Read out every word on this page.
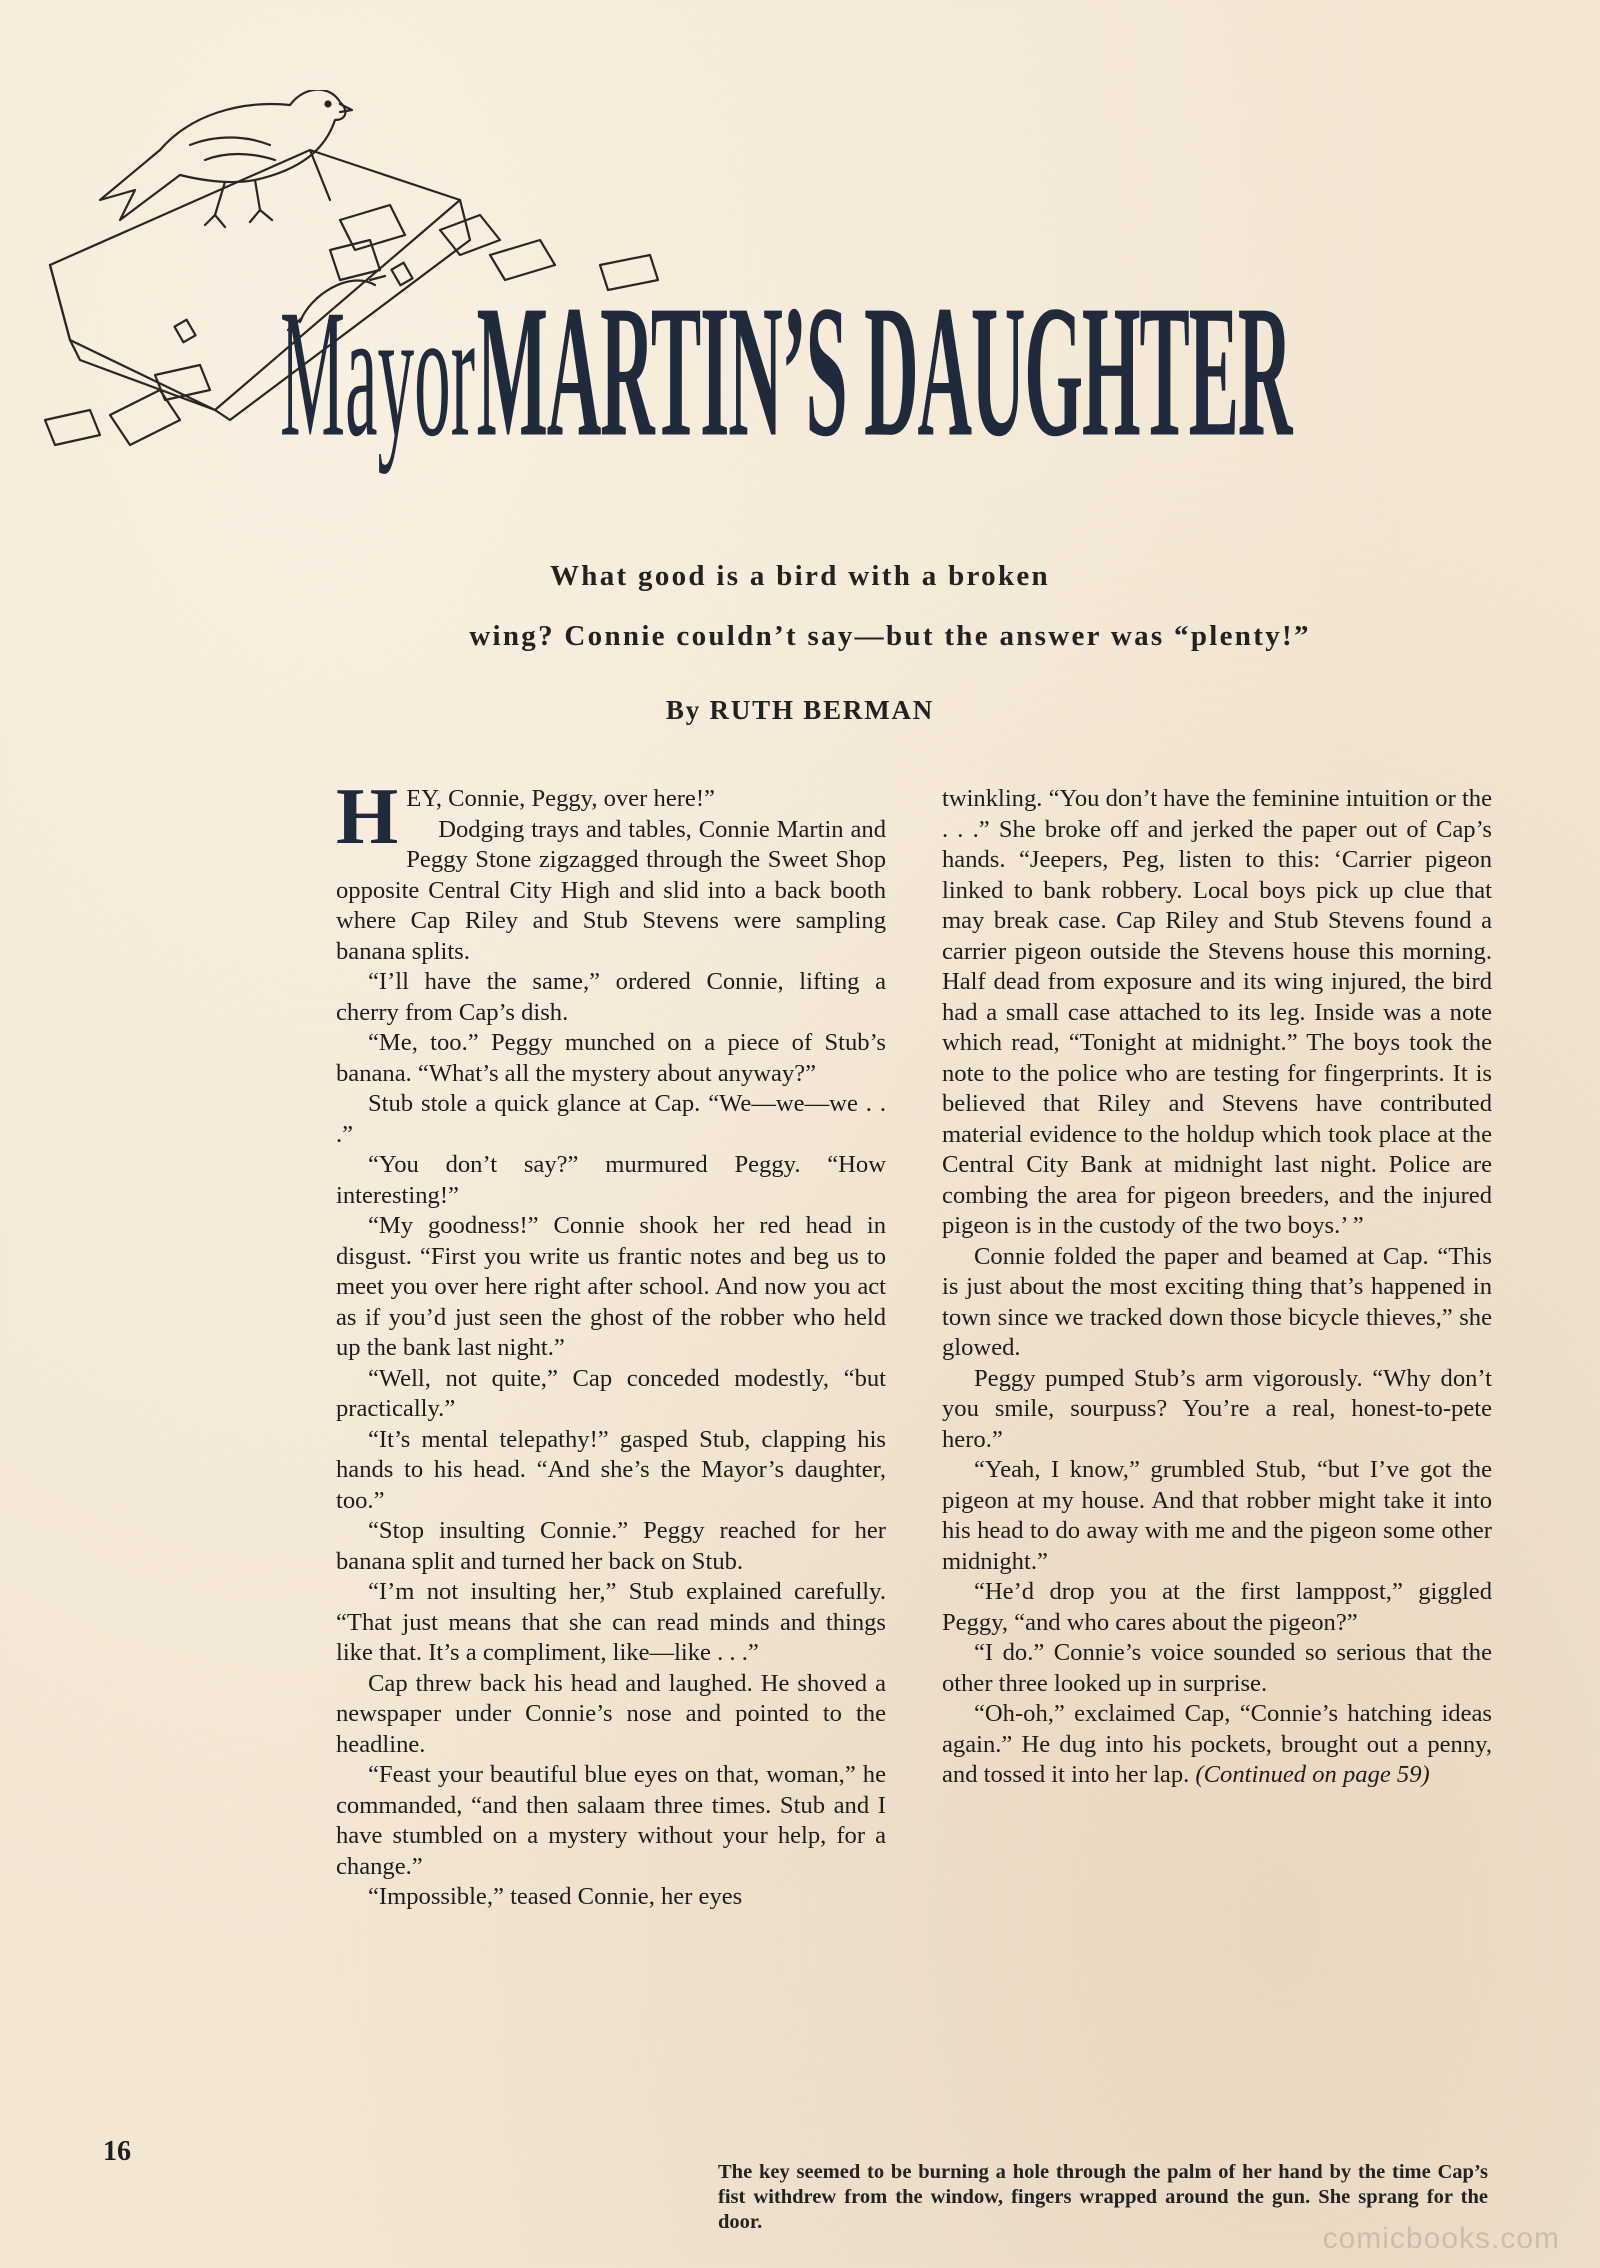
Mayor MARTIN’S DAUGHTER
What good is a bird with a broken
wing? Connie couldn’t say—but the answer was “plenty!”
By RUTH BERMAN

HEY, Connie, Peggy, over here!”

Dodging trays and tables, Connie Martin and Peggy Stone zigzagged through the Sweet Shop opposite Central City High and slid into a back booth where Cap Riley and Stub Stevens were sampling banana splits.

“I’ll have the same,” ordered Connie, lifting a cherry from Cap’s dish.

“Me, too.” Peggy munched on a piece of Stub’s banana. “What’s all the mystery about anyway?”

Stub stole a quick glance at Cap. “We—we—we . . .”

“You don’t say?” murmured Peggy. “How interesting!”

“My goodness!” Connie shook her red head in disgust. “First you write us frantic notes and beg us to meet you over here right after school. And now you act as if you’d just seen the ghost of the robber who held up the bank last night.”

“Well, not quite,” Cap conceded modestly, “but practically.”

“It’s mental telepathy!” gasped Stub, clapping his hands to his head. “And she’s the Mayor’s daughter, too.”

“Stop insulting Connie.” Peggy reached for her banana split and turned her back on Stub.

“I’m not insulting her,” Stub explained carefully. “That just means that she can read minds and things like that. It’s a compliment, like—like . . .”

Cap threw back his head and laughed. He shoved a newspaper under Connie’s nose and pointed to the headline.

“Feast your beautiful blue eyes on that, woman,” he commanded, “and then salaam three times. Stub and I have stumbled on a mystery without your help, for a change.”

“Impossible,” teased Connie, her eyes

twinkling. “You don’t have the feminine intuition or the . . .” She broke off and jerked the paper out of Cap’s hands. “Jeepers, Peg, listen to this: ‘Carrier pigeon linked to bank robbery. Local boys pick up clue that may break case. Cap Riley and Stub Stevens found a carrier pigeon outside the Stevens house this morning. Half dead from exposure and its wing injured, the bird had a small case attached to its leg. Inside was a note which read, “Tonight at midnight.” The boys took the note to the police who are testing for fingerprints. It is believed that Riley and Stevens have contributed material evidence to the holdup which took place at the Central City Bank at midnight last night. Police are combing the area for pigeon breeders, and the injured pigeon is in the custody of the two boys.’ ”

Connie folded the paper and beamed at Cap. “This is just about the most exciting thing that’s happened in town since we tracked down those bicycle thieves,” she glowed.

Peggy pumped Stub’s arm vigorously. “Why don’t you smile, sourpuss? You’re a real, honest-to-pete hero.”

“Yeah, I know,” grumbled Stub, “but I’ve got the pigeon at my house. And that robber might take it into his head to do away with me and the pigeon some other midnight.”

“He’d drop you at the first lamppost,” giggled Peggy, “and who cares about the pigeon?”

“I do.” Connie’s voice sounded so serious that the other three looked up in surprise.

“Oh-oh,” exclaimed Cap, “Connie’s hatching ideas again.” He dug into his pockets, brought out a penny, and tossed it into her lap. (Continued on page 59)

16
The key seemed to be burning a hole through the palm of her hand by the time Cap’s fist withdrew from the window, fingers wrapped around the gun. She sprang for the door.	comicbooks.com
